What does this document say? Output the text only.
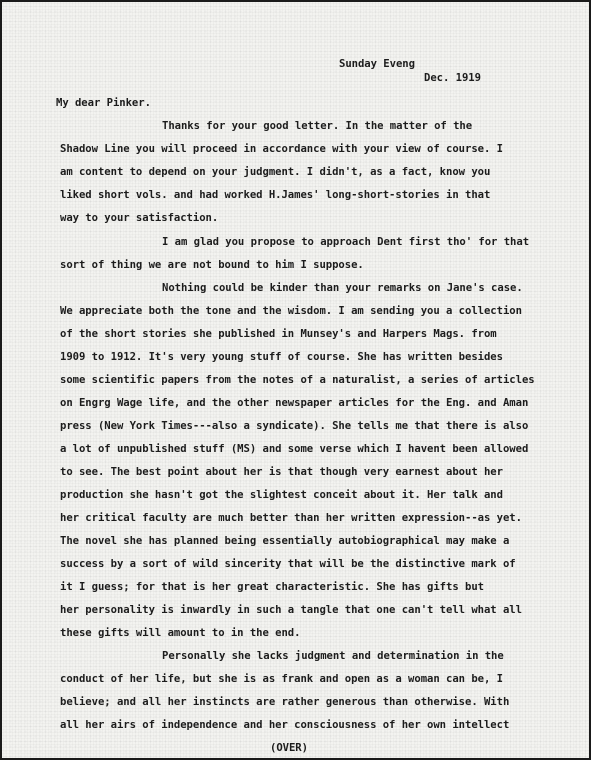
Sunday Eveng
Dec. 1919
My dear Pinker.
Thanks for your good letter. In the matter of the
Shadow Line you will proceed in accordance with your view of course. I
am content to depend on your judgment. I didn't, as a fact, know you
liked short vols. and had worked H.James' long-short-stories in that
way to your satisfaction.
I am glad you propose to approach Dent first tho' for that
sort of thing we are not bound to him I suppose.
Nothing could be kinder than your remarks on Jane's case.
We appreciate both the tone and the wisdom. I am sending you a collection
of the short stories she published in Munsey's and Harpers Mags. from
1909 to 1912. It's very young stuff of course. She has written besides
some scientific papers from the notes of a naturalist, a series of articles
on Engrg Wage life, and the other newspaper articles for the Eng. and Aman
press (New York Times---also a syndicate). She tells me that there is also
a lot of unpublished stuff (MS) and some verse which I havent been allowed
to see. The best point about her is that though very earnest about her
production she hasn't got the slightest conceit about it. Her talk and
her critical faculty are much better than her written expression--as yet.
The novel she has planned being essentially autobiographical may make a
success by a sort of wild sincerity that will be the distinctive mark of
it I guess; for that is her great characteristic. She has gifts but
her personality is inwardly in such a tangle that one can't tell what all
these gifts will amount to in the end.
Personally she lacks judgment and determination in the
conduct of her life, but she is as frank and open as a woman can be, I
believe; and all her instincts are rather generous than otherwise. With
all her airs of independence and her consciousness of her own intellect
(OVER)
